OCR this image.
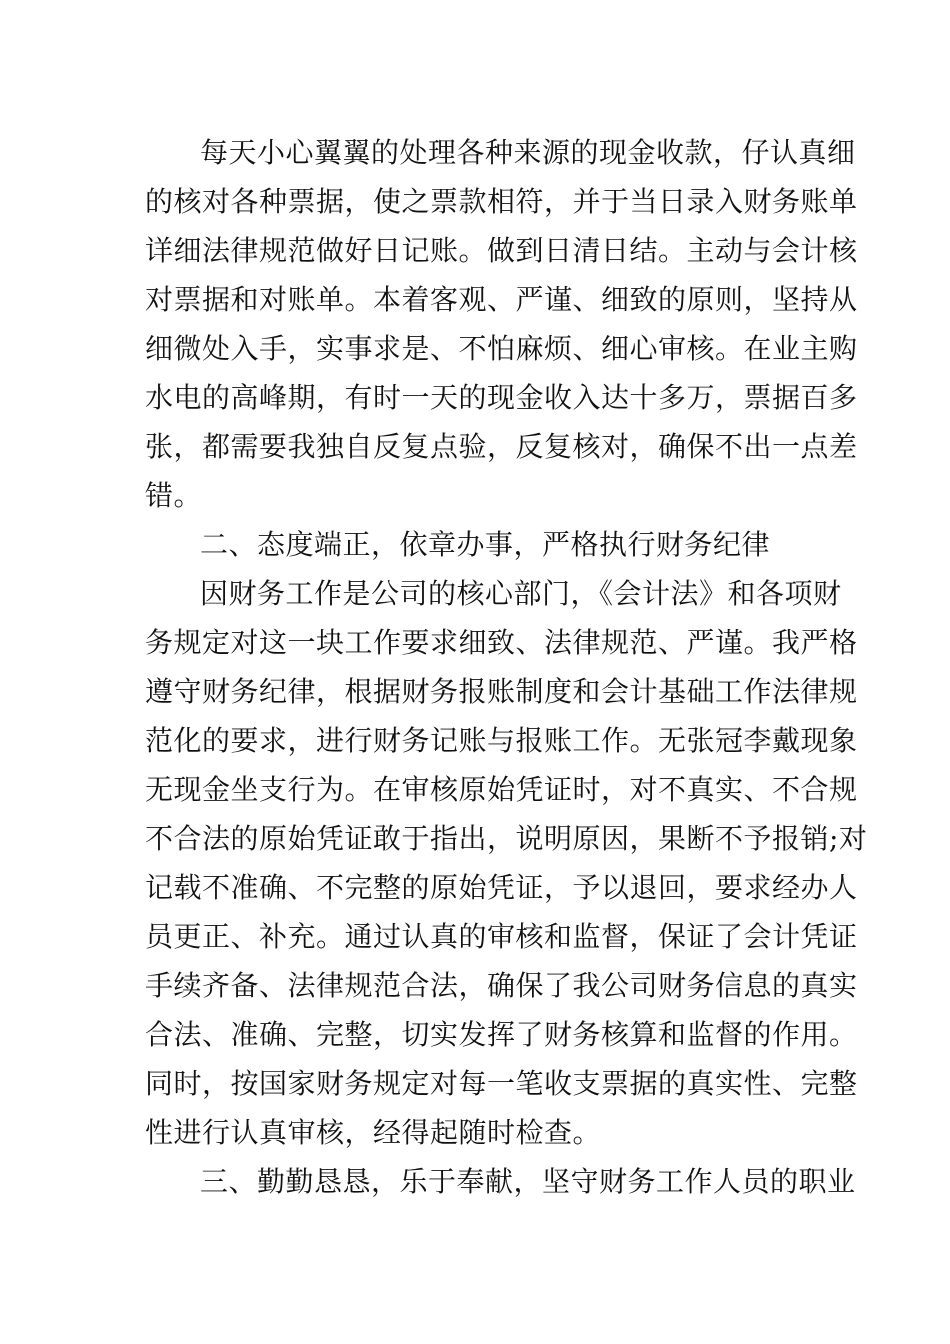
每天小心翼翼的处理各种来源的现金收款，仔认真细
的核对各种票据，使之票款相符，并于当日录入财务账单
详细法律规范做好日记账。做到日清日结。主动与会计核
对票据和对账单。本着客观、严谨、细致的原则，坚持从
细微处入手，实事求是、不怕麻烦、细心审核。在业主购
水电的高峰期，有时一天的现金收入达十多万，票据百多
张，都需要我独自反复点验，反复核对，确保不出一点差
错。
二、态度端正，依章办事，严格执行财务纪律
因财务工作是公司的核心部门，《会计法》和各项财
务规定对这一块工作要求细致、法律规范、严谨。我严格
遵守财务纪律，根据财务报账制度和会计基础工作法律规
范化的要求，进行财务记账与报账工作。无张冠李戴现象
无现金坐支行为。在审核原始凭证时，对不真实、不合规
不合法的原始凭证敢于指出，说明原因，果断不予报销;对
记载不准确、不完整的原始凭证，予以退回，要求经办人
员更正、补充。通过认真的审核和监督，保证了会计凭证
手续齐备、法律规范合法，确保了我公司财务信息的真实
合法、准确、完整，切实发挥了财务核算和监督的作用。
同时，按国家财务规定对每一笔收支票据的真实性、完整
性进行认真审核，经得起随时检查。
三、勤勤恳恳，乐于奉献，坚守财务工作人员的职业
